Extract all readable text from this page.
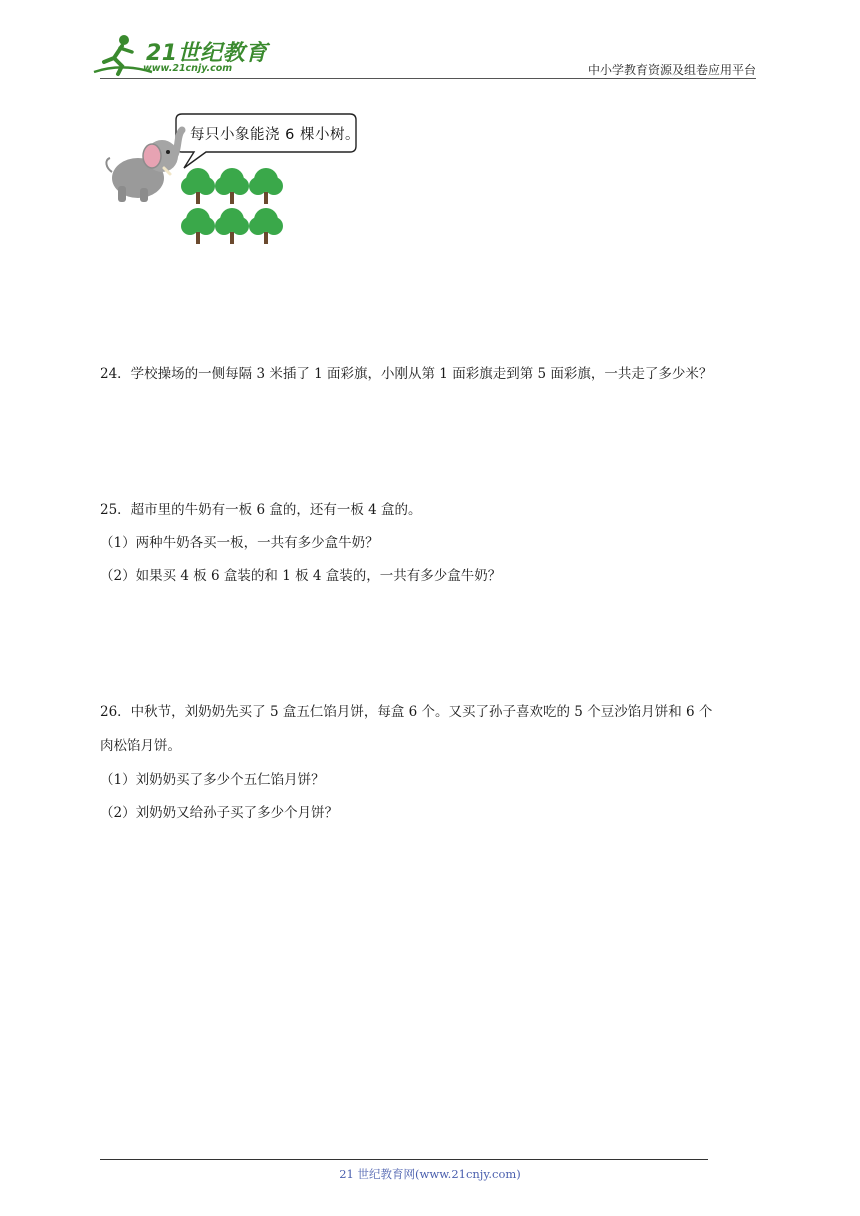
21世纪教育
www.21cnjy.com	中小学教育资源及组卷应用平台
每只小象能浇 6 棵小树。
24．学校操场的一侧每隔 3 米插了 1 面彩旗，小刚从第 1 面彩旗走到第 5 面彩旗，一共走了多少米？
25．超市里的牛奶有一板 6 盒的，还有一板 4 盒的。
（1）两种牛奶各买一板，一共有多少盒牛奶？
（2）如果买 4 板 6 盒装的和 1 板 4 盒装的，一共有多少盒牛奶？
26．中秋节，刘奶奶先买了 5 盒五仁馅月饼，每盒 6 个。又买了孙子喜欢吃的 5 个豆沙馅月饼和 6 个
肉松馅月饼。
（1）刘奶奶买了多少个五仁馅月饼？
（2）刘奶奶又给孙子买了多少个月饼？
21 世纪教育网(www.21cnjy.com)
